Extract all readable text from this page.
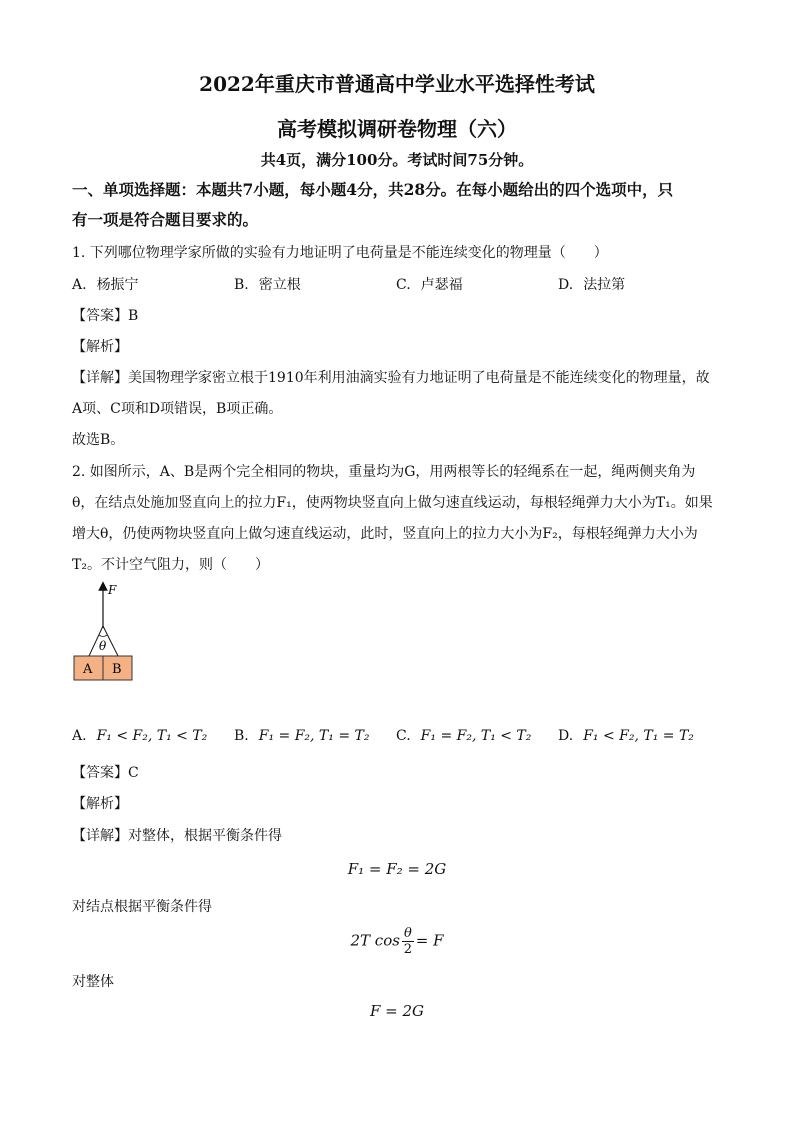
2022年重庆市普通高中学业水平选择性考试
高考模拟调研卷物理（六）
共4页，满分100分。考试时间75分钟。
一、单项选择题：本题共7小题，每小题4分，共28分。在每小题给出的四个选项中，只
有一项是符合题目要求的。
1. 下列哪位物理学家所做的实验有力地证明了电荷量是不能连续变化的物理量（　　）
A. 杨振宁	B. 密立根	C. 卢瑟福	D. 法拉第
【答案】B
【解析】
【详解】美国物理学家密立根于1910年利用油滴实验有力地证明了电荷量是不能连续变化的物理量，故
A项、C项和D项错误，B项正确。
故选B。
2. 如图所示，A、B是两个完全相同的物块，重量均为G，用两根等长的轻绳系在一起，绳两侧夹角为
θ，在结点处施加竖直向上的拉力F₁，使两物块竖直向上做匀速直线运动，每根轻绳弹力大小为T₁。如果
增大θ，仍使两物块竖直向上做匀速直线运动，此时，竖直向上的拉力大小为F₂，每根轻绳弹力大小为
T₂。不计空气阻力，则（　　）
F
θ
A B
A. F₁ < F₂, T₁ < T₂ B. F₁ = F₂, T₁ = T₂ C. F₁ = F₂, T₁ < T₂ D. F₁ < F₂, T₁ = T₂
【答案】C
【解析】
【详解】对整体，根据平衡条件得
F₁ = F₂ = 2G
对结点根据平衡条件得
2T $\cos \frac{\theta}{2} = F$
对整体
F = 2G
